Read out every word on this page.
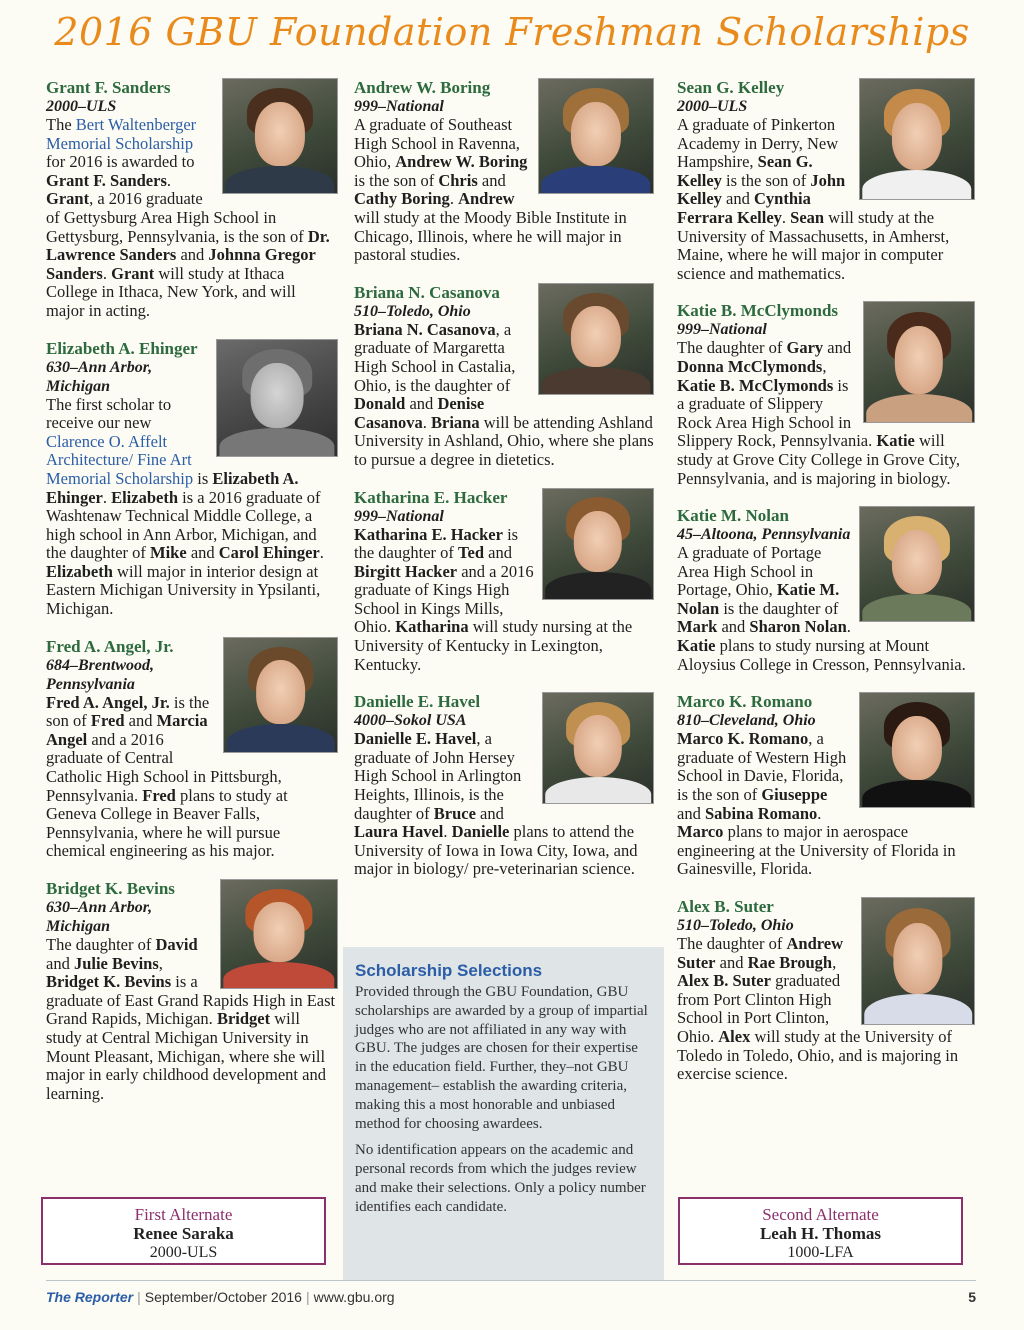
2016 GBU Foundation Freshman Scholarships
Grant F. Sanders
2000–ULS
The Bert Waltenberger Memorial Scholarship for 2016 is awarded to Grant F. Sanders. Grant, a 2016 graduate of Gettysburg Area High School in Gettysburg, Pennsylvania, is the son of Dr. Lawrence Sanders and Johnna Gregor Sanders. Grant will study at Ithaca College in Ithaca, New York, and will major in acting.
Elizabeth A. Ehinger
630–Ann Arbor, Michigan
The first scholar to receive our new Clarence O. Affelt Architecture/ Fine Art Memorial Scholarship is Elizabeth A. Ehinger. Elizabeth is a 2016 graduate of Washtenaw Technical Middle College, a high school in Ann Arbor, Michigan, and the daughter of Mike and Carol Ehinger. Elizabeth will major in interior design at Eastern Michigan University in Ypsilanti, Michigan.
Fred A. Angel, Jr.
684–Brentwood, Pennsylvania
Fred A. Angel, Jr. is the son of Fred and Marcia Angel and a 2016 graduate of Central Catholic High School in Pittsburgh, Pennsylvania. Fred plans to study at Geneva College in Beaver Falls, Pennsylvania, where he will pursue chemical engineering as his major.
Bridget K. Bevins
630–Ann Arbor, Michigan
The daughter of David and Julie Bevins, Bridget K. Bevins is a graduate of East Grand Rapids High in East Grand Rapids, Michigan. Bridget will study at Central Michigan University in Mount Pleasant, Michigan, where she will major in early childhood development and learning.
Andrew W. Boring
999–National
A graduate of Southeast High School in Ravenna, Ohio, Andrew W. Boring is the son of Chris and Cathy Boring. Andrew will study at the Moody Bible Institute in Chicago, Illinois, where he will major in pastoral studies.
Briana N. Casanova
510–Toledo, Ohio
Briana N. Casanova, a graduate of Margaretta High School in Castalia, Ohio, is the daughter of Donald and Denise Casanova. Briana will be attending Ashland University in Ashland, Ohio, where she plans to pursue a degree in dietetics.
Katharina E. Hacker
999–National
Katharina E. Hacker is the daughter of Ted and Birgitt Hacker and a 2016 graduate of Kings High School in Kings Mills, Ohio. Katharina will study nursing at the University of Kentucky in Lexington, Kentucky.
Danielle E. Havel
4000–Sokol USA
Danielle E. Havel, a graduate of John Hersey High School in Arlington Heights, Illinois, is the daughter of Bruce and Laura Havel. Danielle plans to attend the University of Iowa in Iowa City, Iowa, and major in biology/ pre-veterinarian science.
Sean G. Kelley
2000–ULS
A graduate of Pinkerton Academy in Derry, New Hampshire, Sean G. Kelley is the son of John Kelley and Cynthia Ferrara Kelley. Sean will study at the University of Massachusetts, in Amherst, Maine, where he will major in computer science and mathematics.
Katie B. McClymonds
999–National
The daughter of Gary and Donna McClymonds, Katie B. McClymonds is a graduate of Slippery Rock Area High School in Slippery Rock, Pennsylvania. Katie will study at Grove City College in Grove City, Pennsylvania, and is majoring in biology.
Katie M. Nolan
45–Altoona, Pennsylvania
A graduate of Portage Area High School in Portage, Ohio, Katie M. Nolan is the daughter of Mark and Sharon Nolan. Katie plans to study nursing at Mount Aloysius College in Cresson, Pennsylvania.
Marco K. Romano
810–Cleveland, Ohio
Marco K. Romano, a graduate of Western High School in Davie, Florida, is the son of Giuseppe and Sabina Romano. Marco plans to major in aerospace engineering at the University of Florida in Gainesville, Florida.
Alex B. Suter
510–Toledo, Ohio
The daughter of Andrew Suter and Rae Brough, Alex B. Suter graduated from Port Clinton High School in Port Clinton, Ohio. Alex will study at the University of Toledo in Toledo, Ohio, and is majoring in exercise science.
Scholarship Selections

Provided through the GBU Foundation, GBU scholarships are awarded by a group of impartial judges who are not affiliated in any way with GBU. The judges are chosen for their expertise in the education field. Further, they–not GBU management– establish the awarding criteria, making this a most honorable and unbiased method for choosing awardees.

No identification appears on the academic and personal records from which the judges review and make their selections. Only a policy number identifies each candidate.

First Alternate
Renee Saraka
2000-ULS
Second Alternate
Leah H. Thomas
1000-LFA
The Reporter | September/October 2016 | www.gbu.org	5
